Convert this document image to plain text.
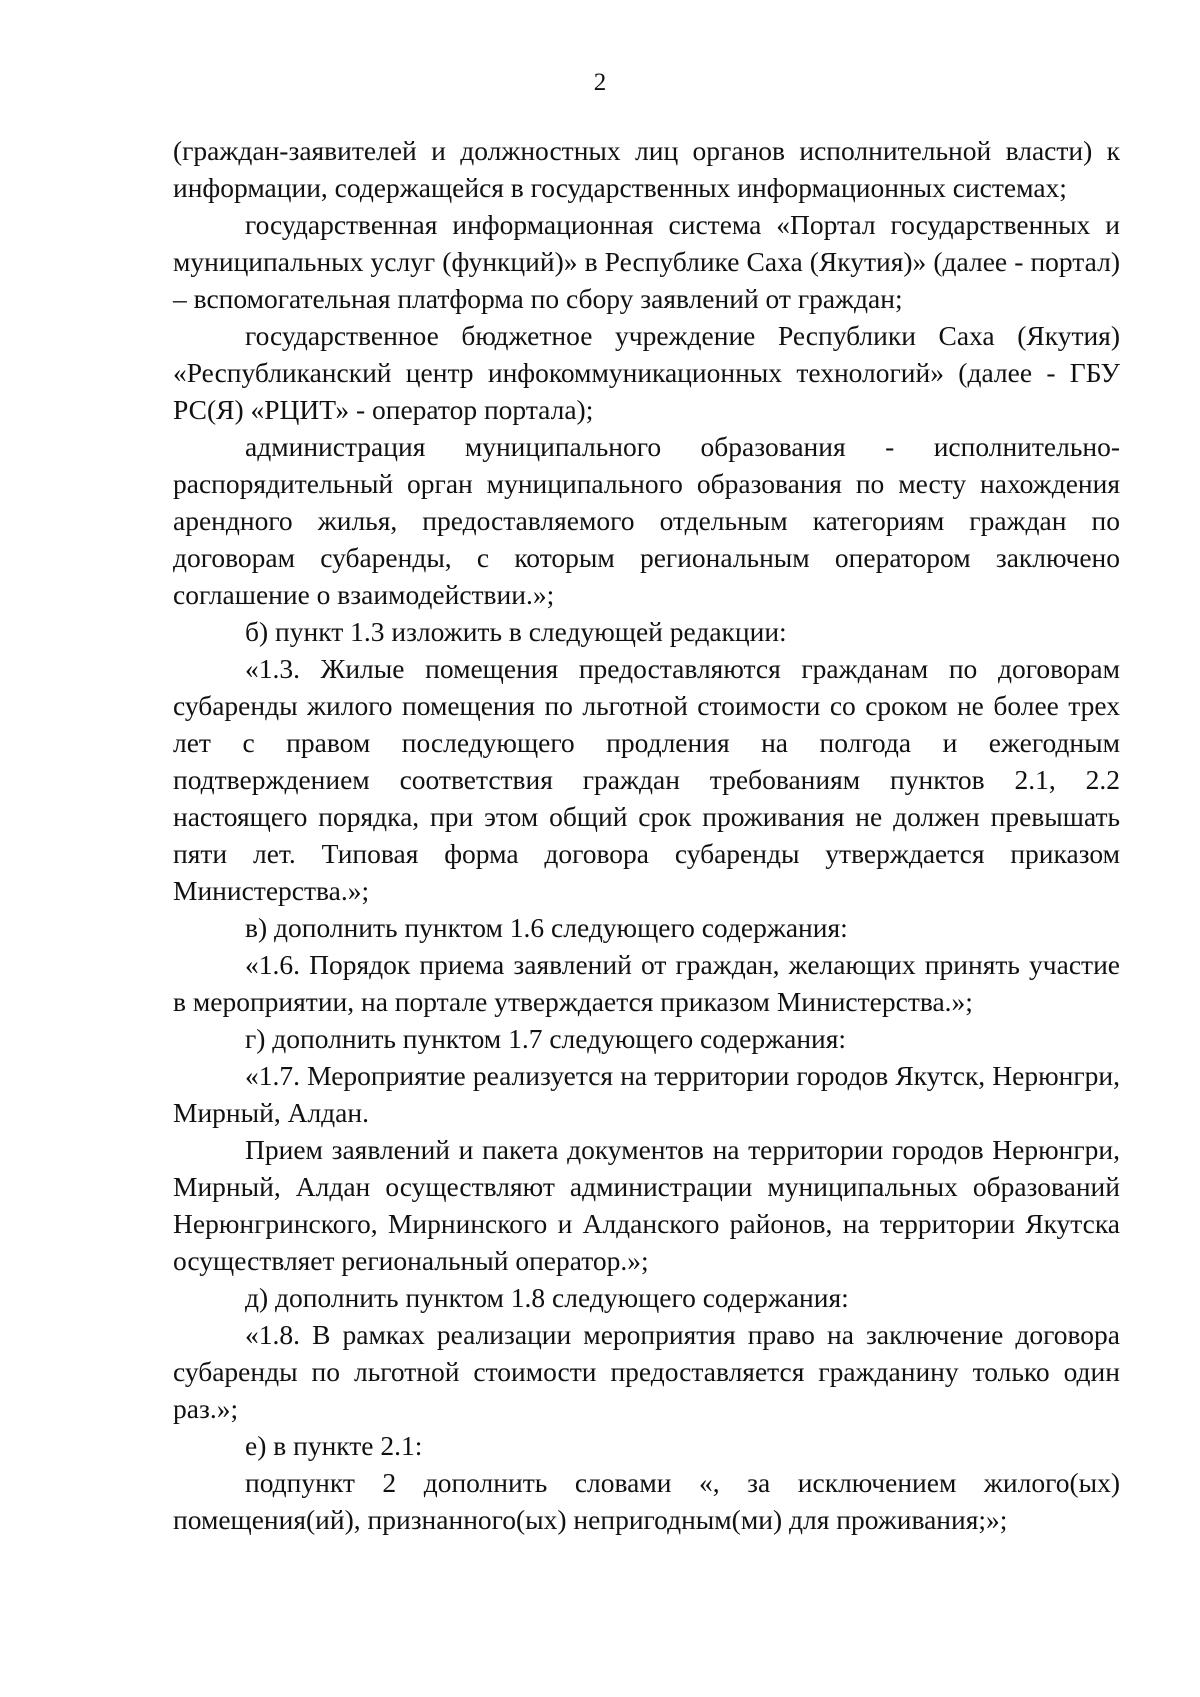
2

(граждан-заявителей и должностных лиц органов исполнительной власти) к информации, содержащейся в государственных информационных системах;

государственная информационная система «Портал государственных и муниципальных услуг (функций)» в Республике Саха (Якутия)» (далее - портал) – вспомогательная платформа по сбору заявлений от граждан;

государственное бюджетное учреждение Республики Саха (Якутия) «Республиканский центр инфокоммуникационных технологий» (далее - ГБУ РС(Я) «РЦИТ» - оператор портала);

администрация муниципального образования - исполнительно-распорядительный орган муниципального образования по месту нахождения арендного жилья, предоставляемого отдельным категориям граждан по договорам субаренды, с которым региональным оператором заключено соглашение о взаимодействии.»;

б) пункт 1.3 изложить в следующей редакции:

«1.3. Жилые помещения предоставляются гражданам по договорам субаренды жилого помещения по льготной стоимости со сроком не более трех лет с правом последующего продления на полгода и ежегодным подтверждением соответствия граждан требованиям пунктов 2.1, 2.2 настоящего порядка, при этом общий срок проживания не должен превышать пяти лет. Типовая форма договора субаренды утверждается приказом Министерства.»;

в) дополнить пунктом 1.6 следующего содержания:

«1.6. Порядок приема заявлений от граждан, желающих принять участие в мероприятии, на портале утверждается приказом Министерства.»;

г) дополнить пунктом 1.7 следующего содержания:

«1.7. Мероприятие реализуется на территории городов Якутск, Нерюнгри, Мирный, Алдан.

Прием заявлений и пакета документов на территории городов Нерюнгри, Мирный, Алдан осуществляют администрации муниципальных образований Нерюнгринского, Мирнинского и Алданского районов, на территории Якутска осуществляет региональный оператор.»;

д) дополнить пунктом 1.8 следующего содержания:

«1.8. В рамках реализации мероприятия право на заключение договора субаренды по льготной стоимости предоставляется гражданину только один раз.»;

е) в пункте 2.1:

подпункт 2 дополнить словами «, за исключением жилого(ых) помещения(ий), признанного(ых) непригодным(ми) для проживания;»;
